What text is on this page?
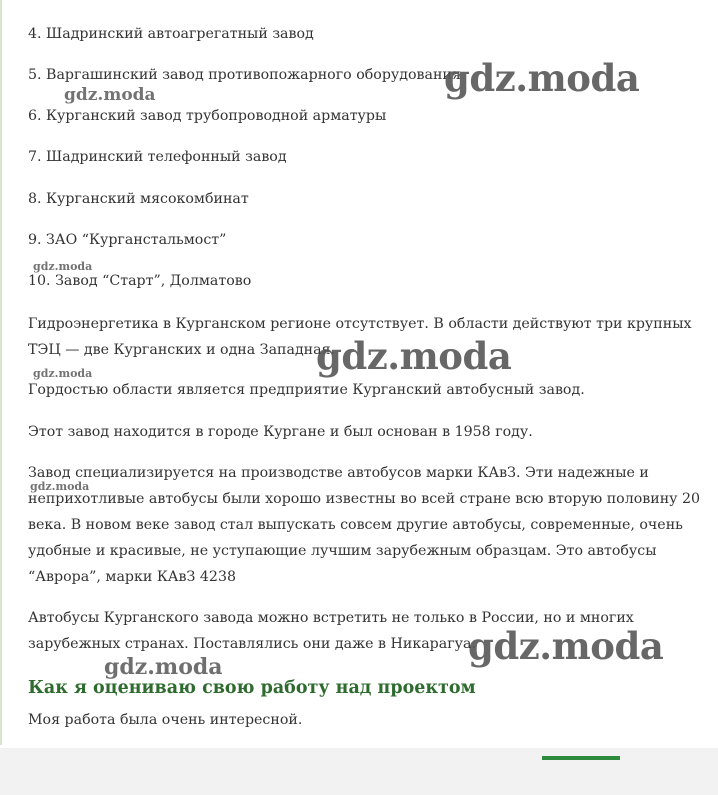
4. Шадринский автоагрегатный завод
5. Варгашинский завод противопожарного оборудования
6. Курганский завод трубопроводной арматуры
7. Шадринский телефонный завод
8. Курганский мясокомбинат
9. ЗАО “Курганстальмост”
10. Завод “Старт”, Долматово
Гидроэнергетика в Курганском регионе отсутствует. В области действуют три крупных
ТЭЦ — две Курганских и одна Западная.
Гордостью области является предприятие Курганский автобусный завод.
Этот завод находится в городе Кургане и был основан в 1958 году.
Завод специализируется на производстве автобусов марки КАвЗ. Эти надежные и
неприхотливые автобусы были хорошо известны во всей стране всю вторую половину 20
века. В новом веке завод стал выпускать совсем другие автобусы, современные, очень
удобные и красивые, не уступающие лучшим зарубежным образцам. Это автобусы
“Аврора”, марки КАвЗ 4238
Автобусы Курганского завода можно встретить не только в России, но и многих
зарубежных странах. Поставлялись они даже в Никарагуа.
Как я оцениваю свою работу над проектом
Моя работа была очень интересной.
gdz.moda
gdz.moda
gdz.moda
gdz.moda
gdz.moda
gdz.moda
gdz.moda
gdz.moda
